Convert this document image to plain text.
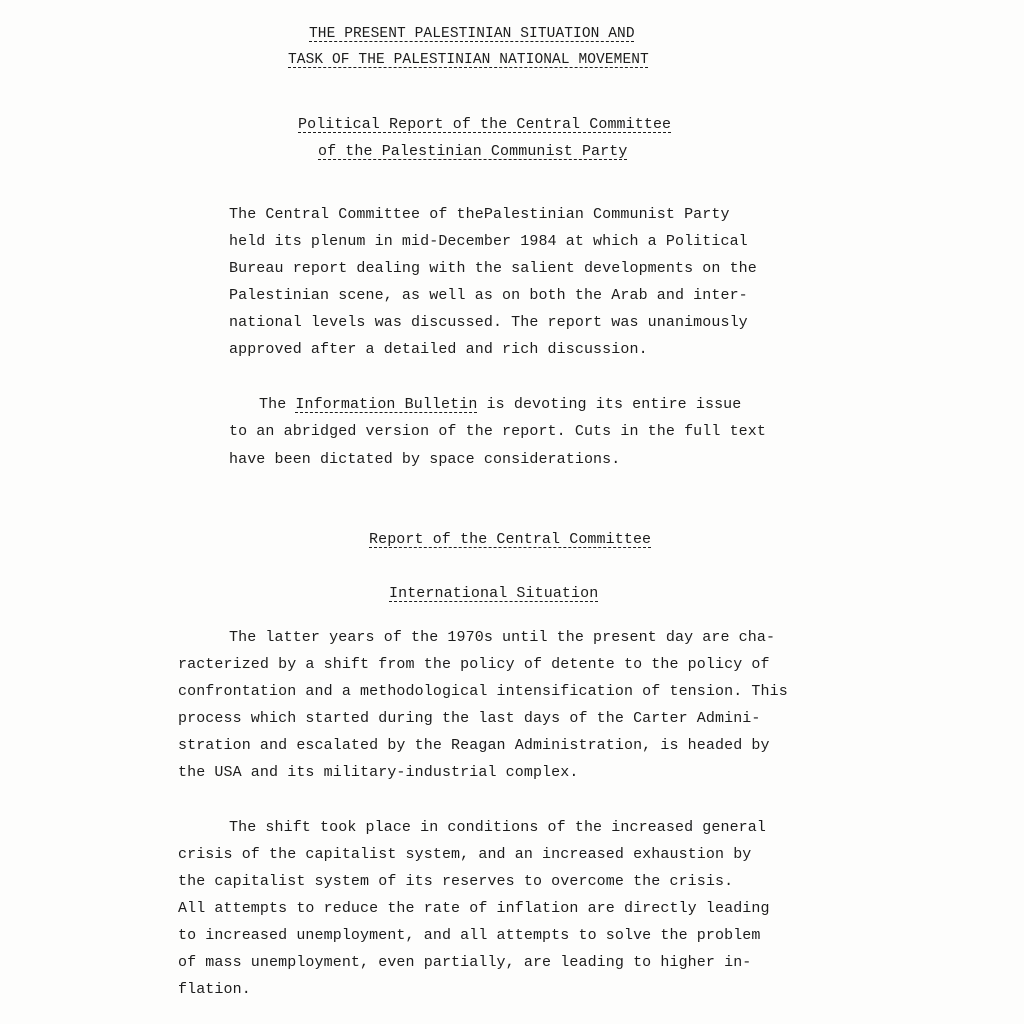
THE PRESENT PALESTINIAN SITUATION AND
TASK OF THE PALESTINIAN NATIONAL MOVEMENT
Political Report of the Central Committee
of the Palestinian Communist Party
The Central Committee of thePalestinian Communist Party
held its plenum in mid-December 1984 at which a Political
Bureau report dealing with the salient developments on the
Palestinian scene, as well as on both the Arab and inter-
national levels was discussed. The report was unanimously
approved after a detailed and rich discussion.
The Information Bulletin is devoting its entire issue
to an abridged version of the report. Cuts in the full text
have been dictated by space considerations.
Report of the Central Committee
International Situation
The latter years of the 1970s until the present day are cha-
racterized by a shift from the policy of detente to the policy of
confrontation and a methodological intensification of tension. This
process which started during the last days of the Carter Admini-
stration and escalated by the Reagan Administration, is headed by
the USA and its military-industrial complex.
The shift took place in conditions of the increased general
crisis of the capitalist system, and an increased exhaustion by
the capitalist system of its reserves to overcome the crisis.
All attempts to reduce the rate of inflation are directly leading
to increased unemployment, and all attempts to solve the problem
of mass unemployment, even partially, are leading to higher in-
flation.
